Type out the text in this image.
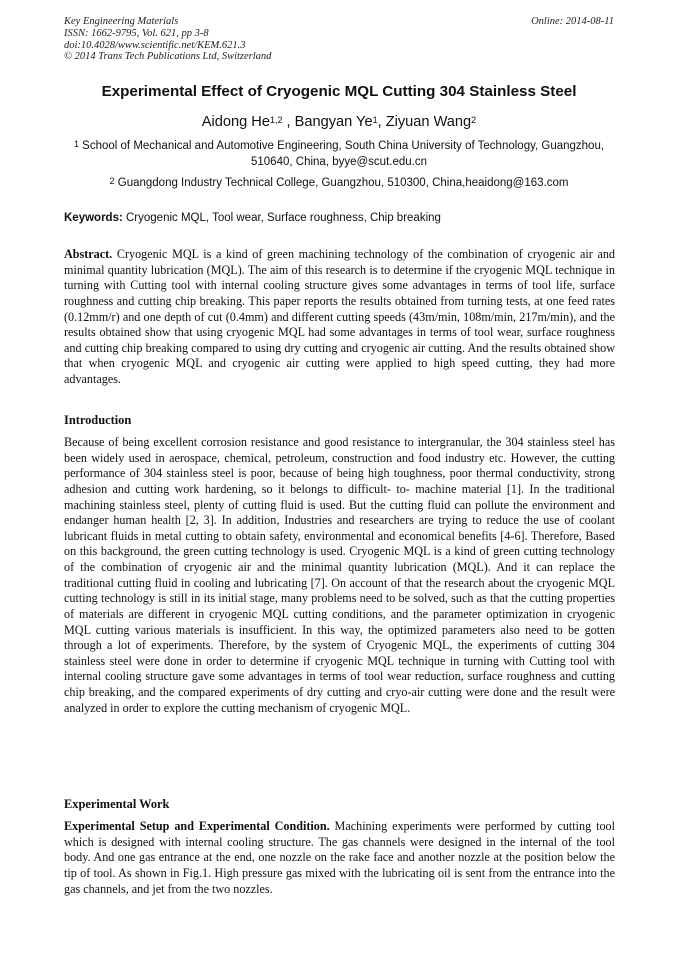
Key Engineering Materials
ISSN: 1662-9795, Vol. 621, pp 3-8
doi:10.4028/www.scientific.net/KEM.621.3
© 2014 Trans Tech Publications Ltd, Switzerland
Online: 2014-08-11
Experimental Effect of Cryogenic MQL Cutting 304 Stainless Steel
Aidong He$^{1,2}$ , Bangyan Ye$^1$, Ziyuan Wang$^2$
$^1$ School of Mechanical and Automotive Engineering, South China University of Technology, Guangzhou, 510640, China, byye@scut.edu.cn
$^2$ Guangdong Industry Technical College, Guangzhou, 510300, China,heaidong@163.com
Keywords: Cryogenic MQL, Tool wear, Surface roughness, Chip breaking
Abstract. Cryogenic MQL is a kind of green machining technology of the combination of cryogenic air and minimal quantity lubrication (MQL). The aim of this research is to determine if the cryogenic MQL technique in turning with Cutting tool with internal cooling structure gives some advantages in terms of tool life, surface roughness and cutting chip breaking. This paper reports the results obtained from turning tests, at one feed rates (0.12mm/r) and one depth of cut (0.4mm) and different cutting speeds (43m/min, 108m/min, 217m/min), and the results obtained show that using cryogenic MQL had some advantages in terms of tool wear, surface roughness and cutting chip breaking compared to using dry cutting and cryogenic air cutting. And the results obtained show that when cryogenic MQL and cryogenic air cutting were applied to high speed cutting, they had more advantages.
Introduction
Because of being excellent corrosion resistance and good resistance to intergranular, the 304 stainless steel has been widely used in aerospace, chemical, petroleum, construction and food industry etc. However, the cutting performance of 304 stainless steel is poor, because of being high toughness, poor thermal conductivity, strong adhesion and cutting work hardening, so it belongs to difficult- to- machine material [1]. In the traditional machining stainless steel, plenty of cutting fluid is used. But the cutting fluid can pollute the environment and endanger human health [2, 3]. In addition, Industries and researchers are trying to reduce the use of coolant lubricant fluids in metal cutting to obtain safety, environmental and economical benefits [4-6]. Therefore, Based on this background, the green cutting technology is used. Cryogenic MQL is a kind of green cutting technology of the combination of cryogenic air and the minimal quantity lubrication (MQL). And it can replace the traditional cutting fluid in cooling and lubricating [7]. On account of that the research about the cryogenic MQL cutting technology is still in its initial stage, many problems need to be solved, such as that the cutting properties of materials are different in cryogenic MQL cutting conditions, and the parameter optimization in cryogenic MQL cutting various materials is insufficient. In this way, the optimized parameters also need to be gotten through a lot of experiments. Therefore, by the system of Cryogenic MQL, the experiments of cutting 304 stainless steel were done in order to determine if cryogenic MQL technique in turning with Cutting tool with internal cooling structure gave some advantages in terms of tool wear reduction, surface roughness and cutting chip breaking, and the compared experiments of dry cutting and cryo-air cutting were done and the result were analyzed in order to explore the cutting mechanism of cryogenic MQL.
Experimental Work
Experimental Setup and Experimental Condition. Machining experiments were performed by cutting tool which is designed with internal cooling structure. The gas channels were designed in the internal of the tool body. And one gas entrance at the end, one nozzle on the rake face and another nozzle at the position below the tip of tool. As shown in Fig.1. High pressure gas mixed with the lubricating oil is sent from the entrance into the gas channels, and jet from the two nozzles.
